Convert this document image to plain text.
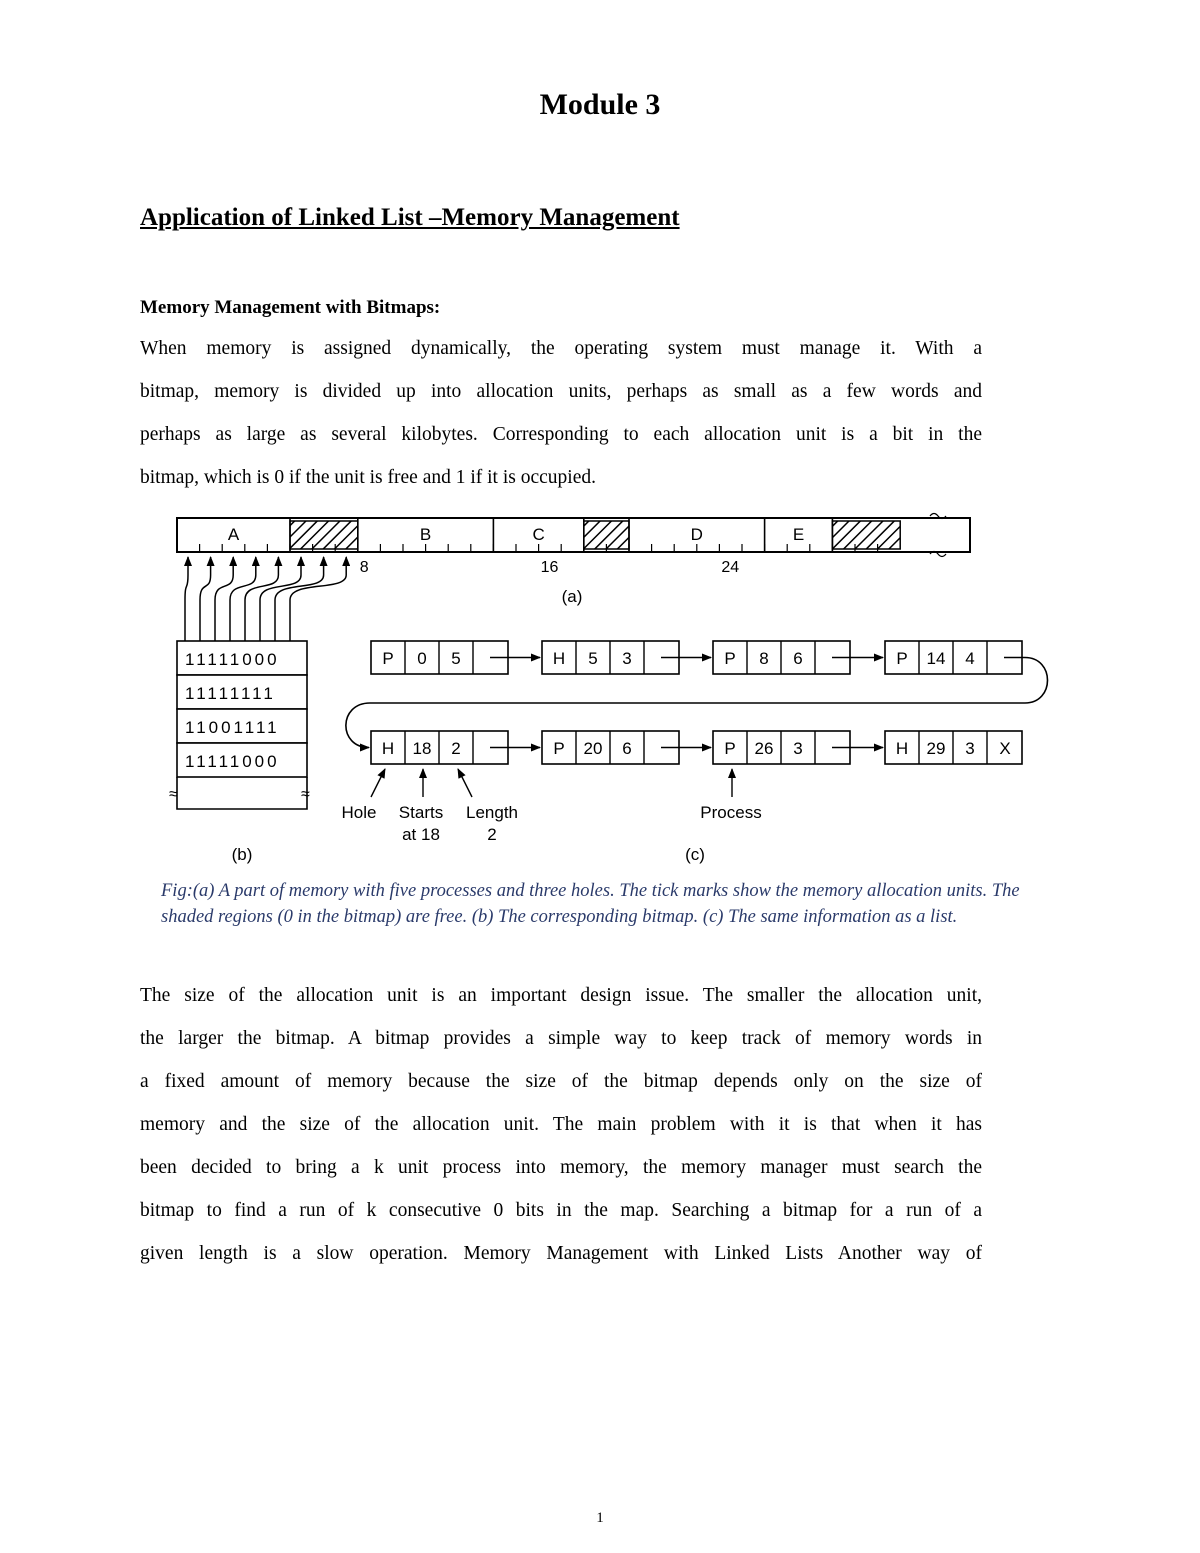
Module 3
Application of Linked List –Memory Management
Memory Management with Bitmaps:
When memory is assigned dynamically, the operating system must manage it. With a
bitmap, memory is divided up into allocation units, perhaps as small as a few words and
perhaps as large as several kilobytes. Corresponding to each allocation unit is a bit in the
bitmap, which is 0 if the unit is free and 1 if it is occupied.
A	B	C	D	E
8	16	24
11111000
11111111
11001111
11111000
≈	≈
P 0 5	H 5 3	P 8 6	P 14 4
H 18 2	P 20 6	P 26 3	H 29 3 X
Hole Starts
at 18
Length
2
Process
(a)
(b)	(c)
Fig:(a) A part of memory with five processes and three holes. The tick marks show the memory allocation units. The shaded regions (0 in the bitmap) are free. (b) The corresponding bitmap. (c) The same information as a list.
The size of the allocation unit is an important design issue. The smaller the allocation unit,
the larger the bitmap. A bitmap provides a simple way to keep track of memory words in
a fixed amount of memory because the size of the bitmap depends only on the size of
memory and the size of the allocation unit. The main problem with it is that when it has
been decided to bring a k unit process into memory, the memory manager must search the
bitmap to find a run of k consecutive 0 bits in the map. Searching a bitmap for a run of a
given length is a slow operation. Memory Management with Linked Lists Another way of
1
